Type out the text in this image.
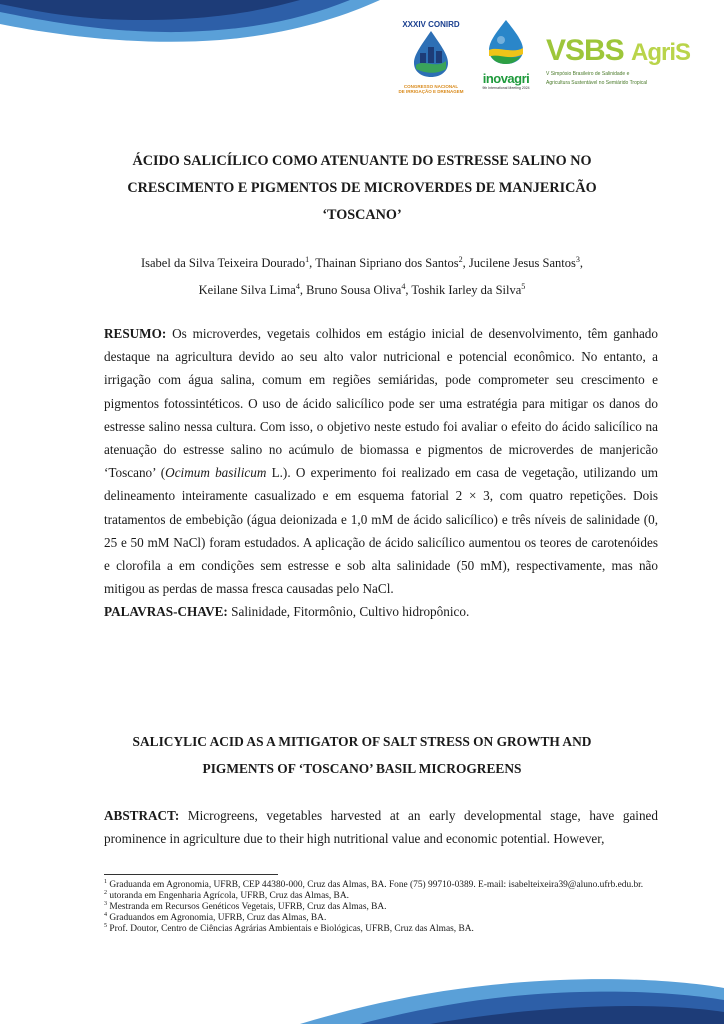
XXXIV CONIRD
CONGRESSO NACIONAL
DE IRRIGAÇÃO E DRENAGEM
inovagri
9th International Meeting 2024
VSBS AgriS
V Simpósio Brasileiro de Salinidade e
Agricultura Sustentável no Semiárido Tropical
ÁCIDO SALICÍLICO COMO ATENUANTE DO ESTRESSE SALINO NO
CRESCIMENTO E PIGMENTOS DE MICROVERDES DE MANJERICÃO
‘TOSCANO’
Isabel da Silva Teixeira Dourado$^1$, Thainan Sipriano dos Santos$^2$, Jucilene Jesus Santos$^3$,
Keilane Silva Lima$^4$, Bruno Sousa Oliva$^4$, Toshik Iarley da Silva$^5$

RESUMO: Os microverdes, vegetais colhidos em estágio inicial de desenvolvimento, têm ganhado destaque na agricultura devido ao seu alto valor nutricional e potencial econômico. No entanto, a irrigação com água salina, comum em regiões semiáridas, pode comprometer seu crescimento e pigmentos fotossintéticos. O uso de ácido salicílico pode ser uma estratégia para mitigar os danos do estresse salino nessa cultura. Com isso, o objetivo neste estudo foi avaliar o efeito do ácido salicílico na atenuação do estresse salino no acúmulo de biomassa e pigmentos de microverdes de manjericão ‘Toscano’ (Ocimum basilicum L.). O experimento foi realizado em casa de vegetação, utilizando um delineamento inteiramente casualizado e em esquema fatorial 2 × 3, com quatro repetições. Dois tratamentos de embebição (água deionizada e 1,0 mM de ácido salicílico) e três níveis de salinidade (0, 25 e 50 mM NaCl) foram estudados. A aplicação de ácido salicílico aumentou os teores de carotenóides e clorofila a em condições sem estresse e sob alta salinidade (50 mM), respectivamente, mas não mitigou as perdas de massa fresca causadas pelo NaCl.

PALAVRAS-CHAVE: Salinidade, Fitormônio, Cultivo hidropônico.

SALICYLIC ACID AS A MITIGATOR OF SALT STRESS ON GROWTH AND
PIGMENTS OF ‘TOSCANO’ BASIL MICROGREENS

ABSTRACT: Microgreens, vegetables harvested at an early developmental stage, have gained prominence in agriculture due to their high nutritional value and economic potential. However,

$^1$ Graduanda em Agronomia, UFRB, CEP 44380-000, Cruz das Almas, BA. Fone (75) 99710-0389. E-mail: isabelteixeira39@aluno.ufrb.edu.br.

$^2$ utoranda em Engenharia Agrícola, UFRB, Cruz das Almas, BA.

$^3$ Mestranda em Recursos Genéticos Vegetais, UFRB, Cruz das Almas, BA.

$^4$ Graduandos em Agronomia, UFRB, Cruz das Almas, BA.

$^5$ Prof. Doutor, Centro de Ciências Agrárias Ambientais e Biológicas, UFRB, Cruz das Almas, BA.
